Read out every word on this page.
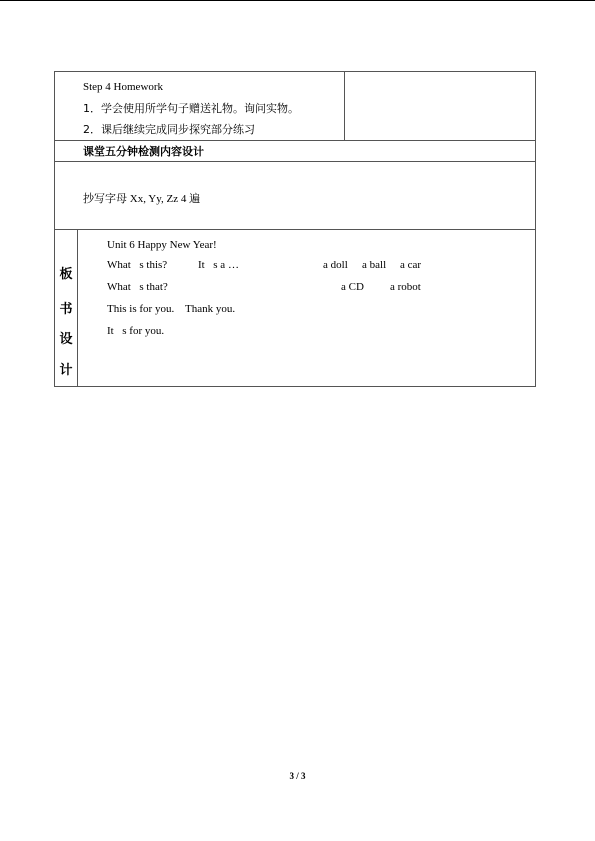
Step 4 Homework
1．学会使用所学句子赠送礼物。询问实物。
2．课后继续完成同步探究部分练习
课堂五分钟检测内容设计
抄写字母 Xx, Yy, Zz 4 遍
板
书
设
计
Unit 6 Happy New Year!
What s this?	It s a …	a doll a ball a car
What s that?	a CD a robot
This is for you.    Thank you.
It s for you.
3 / 3
